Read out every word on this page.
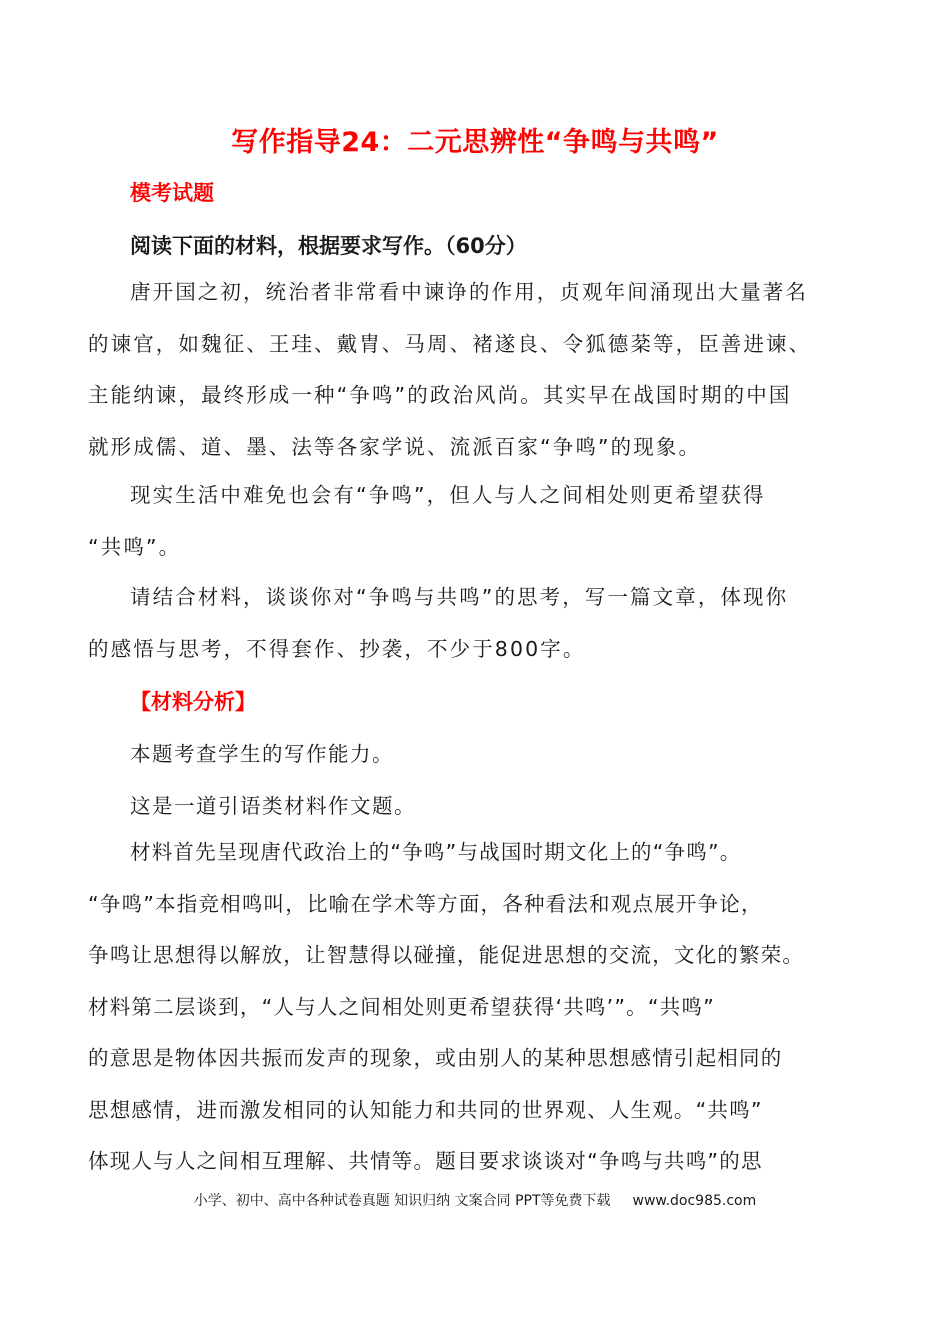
写作指导24：二元思辨性“争鸣与共鸣”
模考试题
阅读下面的材料，根据要求写作。（60分）
唐开国之初，统治者非常看中谏诤的作用，贞观年间涌现出大量著名
的谏官，如魏征、王珪、戴胄、马周、褚遂良、令狐德棻等，臣善进谏、
主能纳谏，最终形成一种“争鸣”的政治风尚。其实早在战国时期的中国
就形成儒、道、墨、法等各家学说、流派百家“争鸣”的现象。
现实生活中难免也会有“争鸣”，但人与人之间相处则更希望获得
“共鸣”。
请结合材料，谈谈你对“争鸣与共鸣”的思考，写一篇文章，体现你
的感悟与思考，不得套作、抄袭，不少于800字。
【材料分析】
本题考查学生的写作能力。
这是一道引语类材料作文题。
材料首先呈现唐代政治上的“争鸣”与战国时期文化上的“争鸣”。
“争鸣”本指竞相鸣叫，比喻在学术等方面，各种看法和观点展开争论，
争鸣让思想得以解放，让智慧得以碰撞，能促进思想的交流，文化的繁荣。
材料第二层谈到，“人与人之间相处则更希望获得‘共鸣’”。“共鸣”
的意思是物体因共振而发声的现象，或由别人的某种思想感情引起相同的
思想感情，进而激发相同的认知能力和共同的世界观、人生观。“共鸣”
体现人与人之间相互理解、共情等。题目要求谈谈对“争鸣与共鸣”的思
小学、初中、高中各种试卷真题 知识归纳 文案合同 PPT等免费下载 www.doc985.com
